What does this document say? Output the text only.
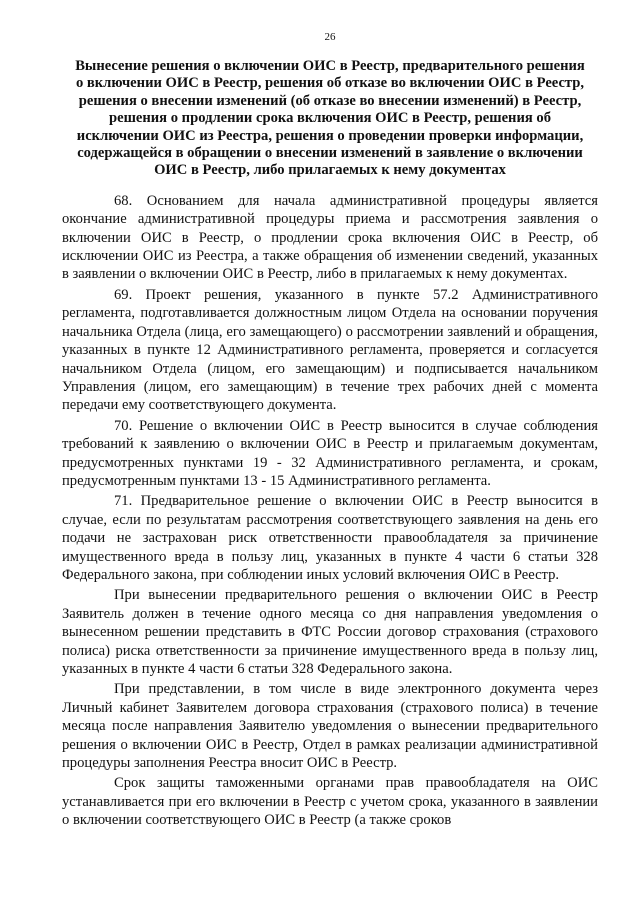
26
Вынесение решения о включении ОИС в Реестр, предварительного решения
о включении ОИС в Реестр, решения об отказе во включении ОИС в Реестр,
решения о внесении изменений (об отказе во внесении изменений) в Реестр,
решения о продлении срока включения ОИС в Реестр, решения об
исключении ОИС из Реестра, решения о проведении проверки информации,
содержащейся в обращении о внесении изменений в заявление о включении
ОИС в Реестр, либо прилагаемых к нему документах

68. Основанием для начала административной процедуры является окончание административной процедуры приема и рассмотрения заявления о включении ОИС в Реестр, о продлении срока включения ОИС в Реестр, об исключении ОИС из Реестра, а также обращения об изменении сведений, указанных в заявлении о включении ОИС в Реестр, либо в прилагаемых к нему документах.

69. Проект решения, указанного в пункте 57.2 Административного регламента, подготавливается должностным лицом Отдела на основании поручения начальника Отдела (лица, его замещающего) о рассмотрении заявлений и обращения, указанных в пункте 12 Административного регламента, проверяется и согласуется начальником Отдела (лицом, его замещающим) и подписывается начальником Управления (лицом, его замещающим) в течение трех рабочих дней с момента передачи ему соответствующего документа.

70. Решение о включении ОИС в Реестр выносится в случае соблюдения требований к заявлению о включении ОИС в Реестр и прилагаемым документам, предусмотренных пунктами 19 - 32 Административного регламента, и срокам, предусмотренным пунктами 13 - 15 Административного регламента.

71. Предварительное решение о включении ОИС в Реестр выносится в случае, если по результатам рассмотрения соответствующего заявления на день его подачи не застрахован риск ответственности правообладателя за причинение имущественного вреда в пользу лиц, указанных в пункте 4 части 6 статьи 328 Федерального закона, при соблюдении иных условий включения ОИС в Реестр.

При вынесении предварительного решения о включении ОИС в Реестр Заявитель должен в течение одного месяца со дня направления уведомления о вынесенном решении представить в ФТС России договор страхования (страхового полиса) риска ответственности за причинение имущественного вреда в пользу лиц, указанных в пункте 4 части 6 статьи 328 Федерального закона.

При представлении, в том числе в виде электронного документа через Личный кабинет Заявителем договора страхования (страхового полиса) в течение месяца после направления Заявителю уведомления о вынесении предварительного решения о включении ОИС в Реестр, Отдел в рамках реализации административной процедуры заполнения Реестра вносит ОИС в Реестр.

Срок защиты таможенными органами прав правообладателя на ОИС устанавливается при его включении в Реестр с учетом срока, указанного в заявлении о включении соответствующего ОИС в Реестр (а также сроков
